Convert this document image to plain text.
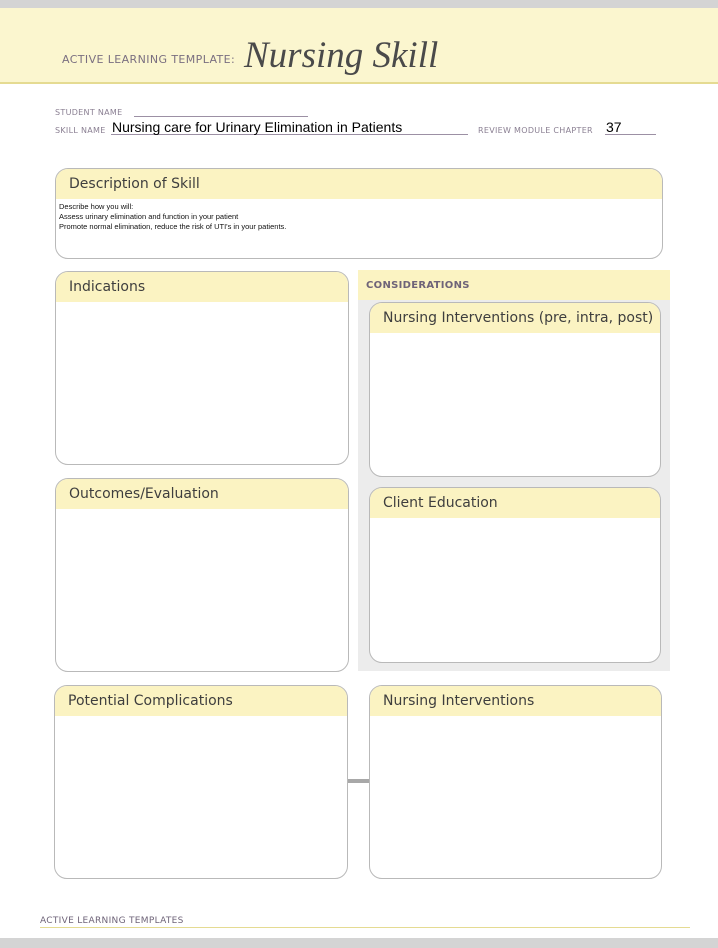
ACTIVE LEARNING TEMPLATE: Nursing Skill
STUDENT NAME
SKILL NAME Nursing care for Urinary Elimination in Patients	REVIEW MODULE CHAPTER 37
Description of Skill
Describe how you will:
Assess urinary elimination and function in your patient
Promote normal elimination, reduce the risk of UTI's in your patients.
Indications
Outcomes/Evaluation
CONSIDERATIONS
Nursing Interventions (pre, intra, post)
Client Education
Potential Complications	Nursing Interventions
ACTIVE LEARNING TEMPLATES
